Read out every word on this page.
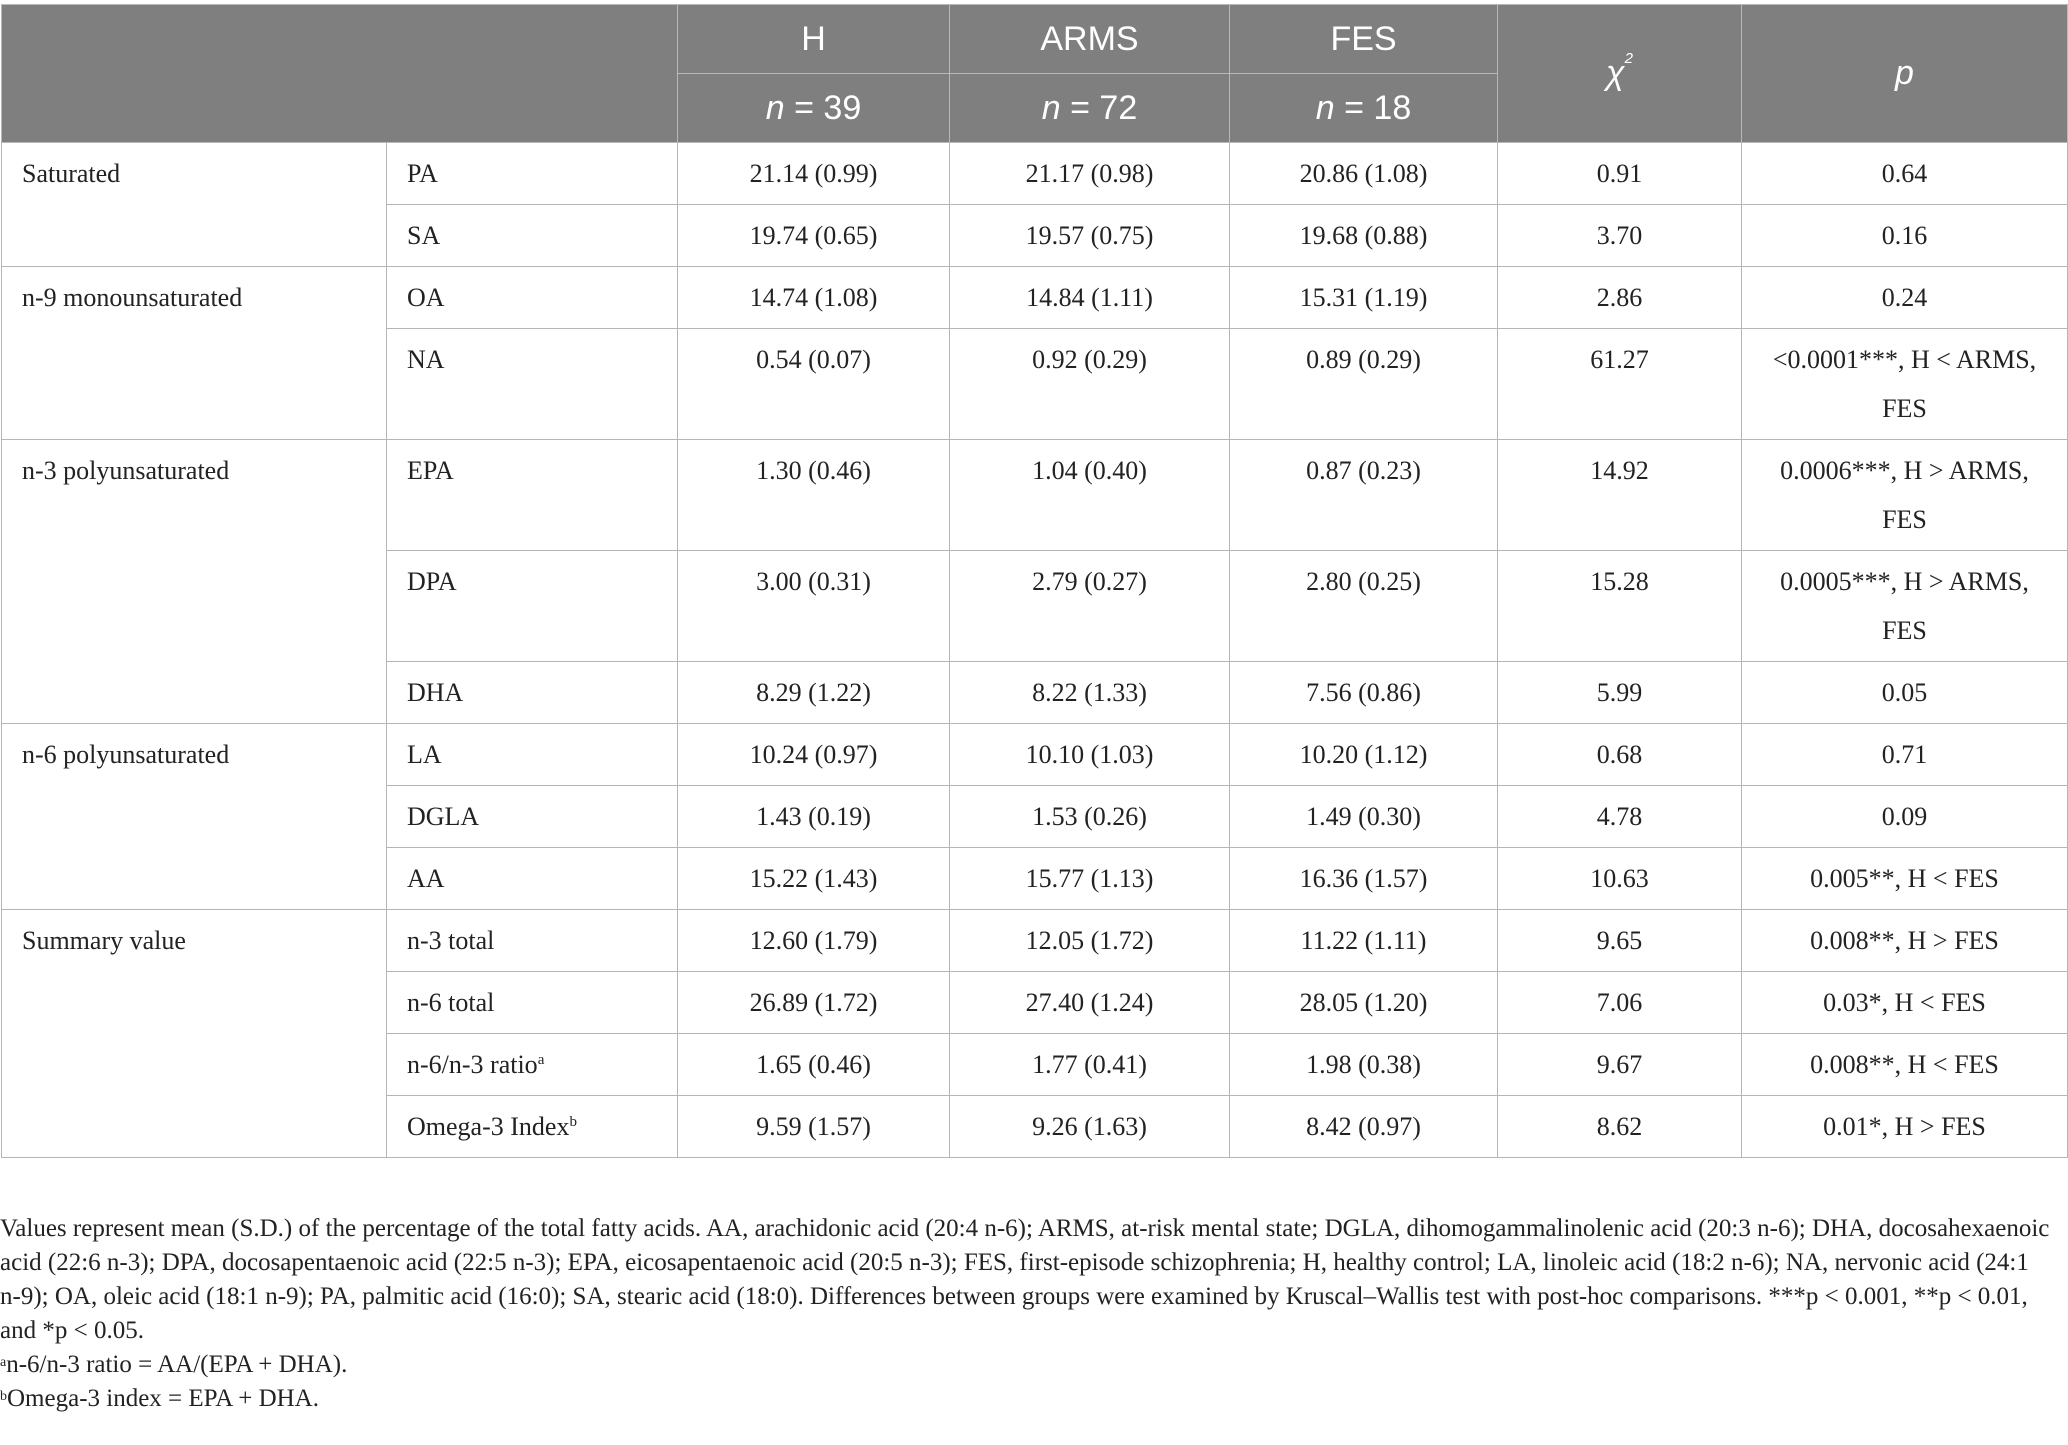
		H	ARMS	FES	$\chi^2$	p
		n = 39	n = 72	n = 18		
Saturated	PA	21.14 (0.99)	21.17 (0.98)	20.86 (1.08)	0.91	0.64
	SA	19.74 (0.65)	19.57 (0.75)	19.68 (0.88)	3.70	0.16
n-9 monounsaturated	OA	14.74 (1.08)	14.84 (1.11)	15.31 (1.19)	2.86	0.24
	NA	0.54 (0.07)	0.92 (0.29)	0.89 (0.29)	61.27	<0.0001***, H < ARMS, FES
n-3 polyunsaturated	EPA	1.30 (0.46)	1.04 (0.40)	0.87 (0.23)	14.92	0.0006***, H > ARMS, FES
	DPA	3.00 (0.31)	2.79 (0.27)	2.80 (0.25)	15.28	0.0005***, H > ARMS, FES
	DHA	8.29 (1.22)	8.22 (1.33)	7.56 (0.86)	5.99	0.05
n-6 polyunsaturated	LA	10.24 (0.97)	10.10 (1.03)	10.20 (1.12)	0.68	0.71
	DGLA	1.43 (0.19)	1.53 (0.26)	1.49 (0.30)	4.78	0.09
	AA	15.22 (1.43)	15.77 (1.13)	16.36 (1.57)	10.63	0.005**, H < FES
Summary value	n-3 total	12.60 (1.79)	12.05 (1.72)	11.22 (1.11)	9.65	0.008**, H > FES
	n-6 total	26.89 (1.72)	27.40 (1.24)	28.05 (1.20)	7.06	0.03*, H < FES
	n-6/n-3 ratio$^a$	1.65 (0.46)	1.77 (0.41)	1.98 (0.38)	9.67	0.008**, H < FES
	Omega-3 Index$^b$	9.59 (1.57)	9.26 (1.63)	8.42 (0.97)	8.62	0.01*, H > FES

Values represent mean (S.D.) of the percentage of the total fatty acids. AA, arachidonic acid (20:4 n-6); ARMS, at-risk mental state; DGLA, dihomogammalinolenic acid (20:3 n-6); DHA, docosahexaenoic acid (22:6 n-3); DPA, docosapentaenoic acid (22:5 n-3); EPA, eicosapentaenoic acid (20:5 n-3); FES, first-episode schizophrenia; H, healthy control; LA, linoleic acid (18:2 n-6); NA, nervonic acid (24:1 n-9); OA, oleic acid (18:1 n-9); PA, palmitic acid (16:0); SA, stearic acid (18:0). Differences between groups were examined by Kruscal–Wallis test with post-hoc comparisons. ***p < 0.001, **p < 0.01, and *p < 0.05.

$^a$n-6/n-3 ratio = AA/(EPA + DHA).

$^b$Omega-3 index = EPA + DHA.
